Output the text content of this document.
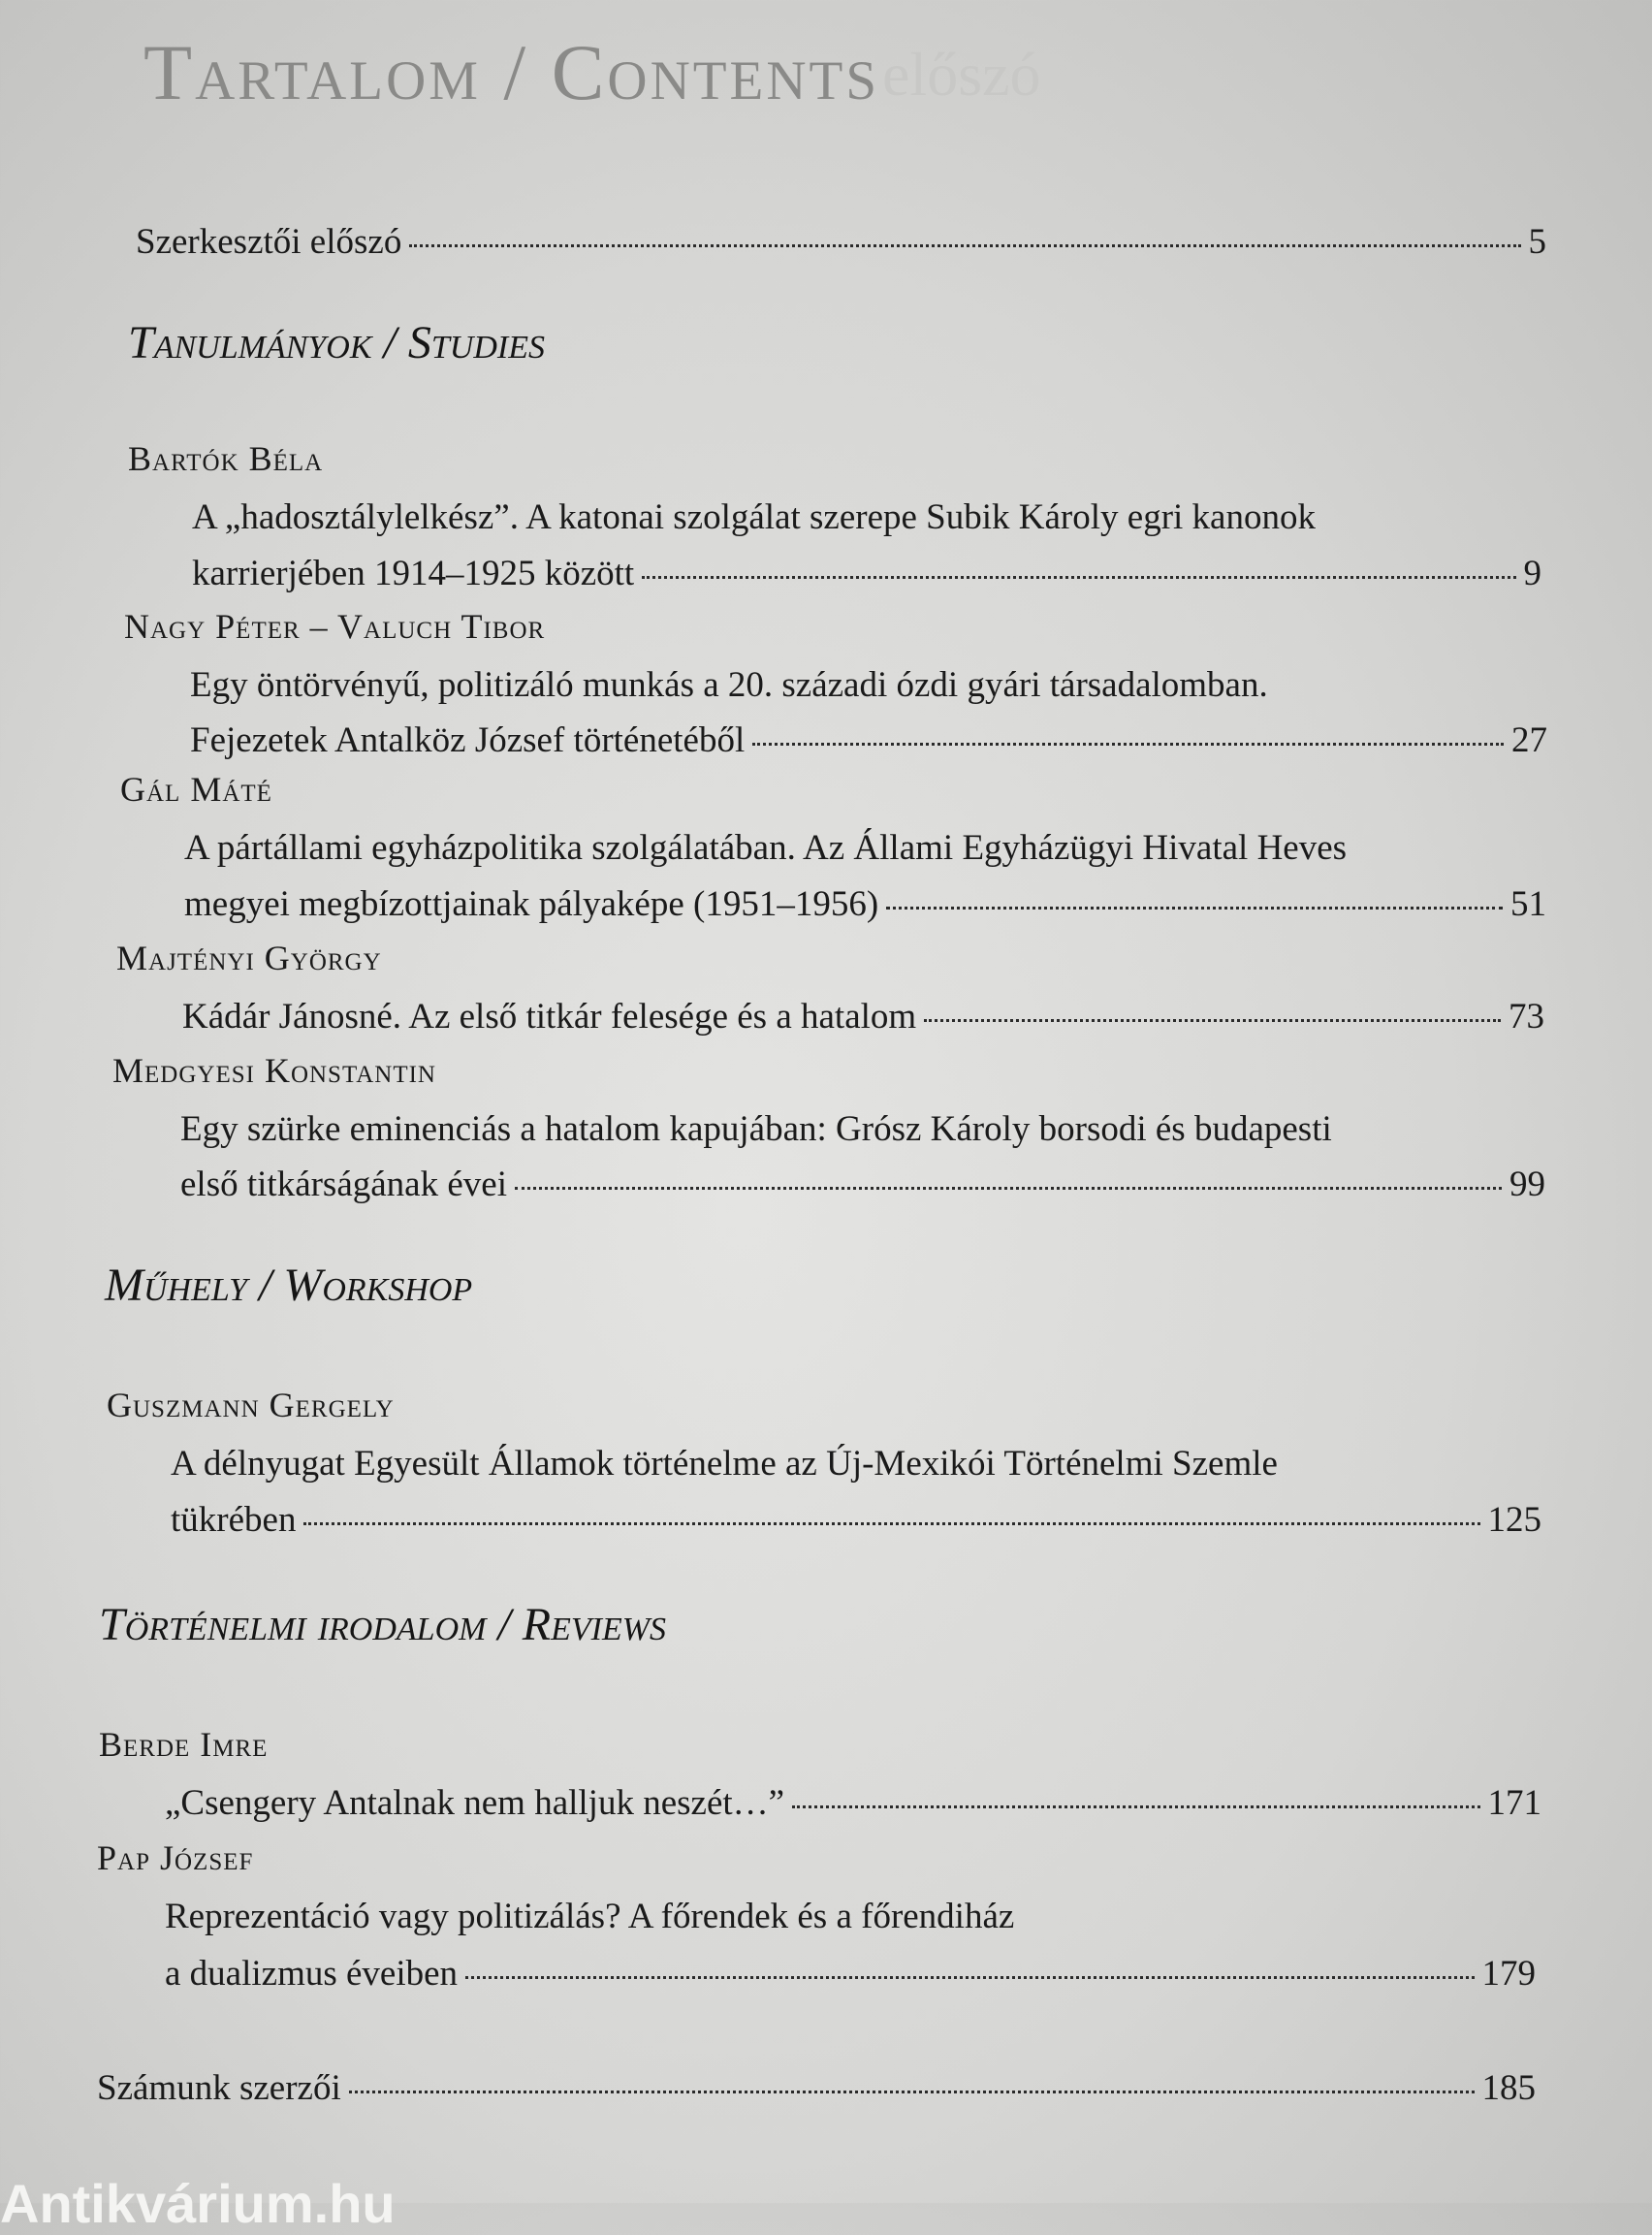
előszó
Tartalom / Contents
Szerkesztői előszó	5
Tanulmányok / Studies
Bartók Béla
A „hadosztálylelkész”. A katonai szolgálat szerepe Subik Károly egri kanonok
karrierjében 1914–1925 között	9
Nagy Péter – Valuch Tibor
Egy öntörvényű, politizáló munkás a 20. századi ózdi gyári társadalomban.
Fejezetek Antalköz József történetéből	27
Gál Máté
A pártállami egyházpolitika szolgálatában. Az Állami Egyházügyi Hivatal Heves
megyei megbízottjainak pályaképe (1951–1956)	51
Majtényi György
Kádár Jánosné. Az első titkár felesége és a hatalom	73
Medgyesi Konstantin
Egy szürke eminenciás a hatalom kapujában: Grósz Károly borsodi és budapesti
első titkárságának évei	99
Műhely / Workshop
Guszmann Gergely
A délnyugat Egyesült Államok történelme az Új-Mexikói Történelmi Szemle
tükrében	125
Történelmi irodalom / Reviews
Berde Imre
„Csengery Antalnak nem halljuk neszét…”	171
Pap József
Reprezentáció vagy politizálás? A főrendek és a főrendiház
a dualizmus éveiben	179
Számunk szerzői	185
Antikvárium.hu
